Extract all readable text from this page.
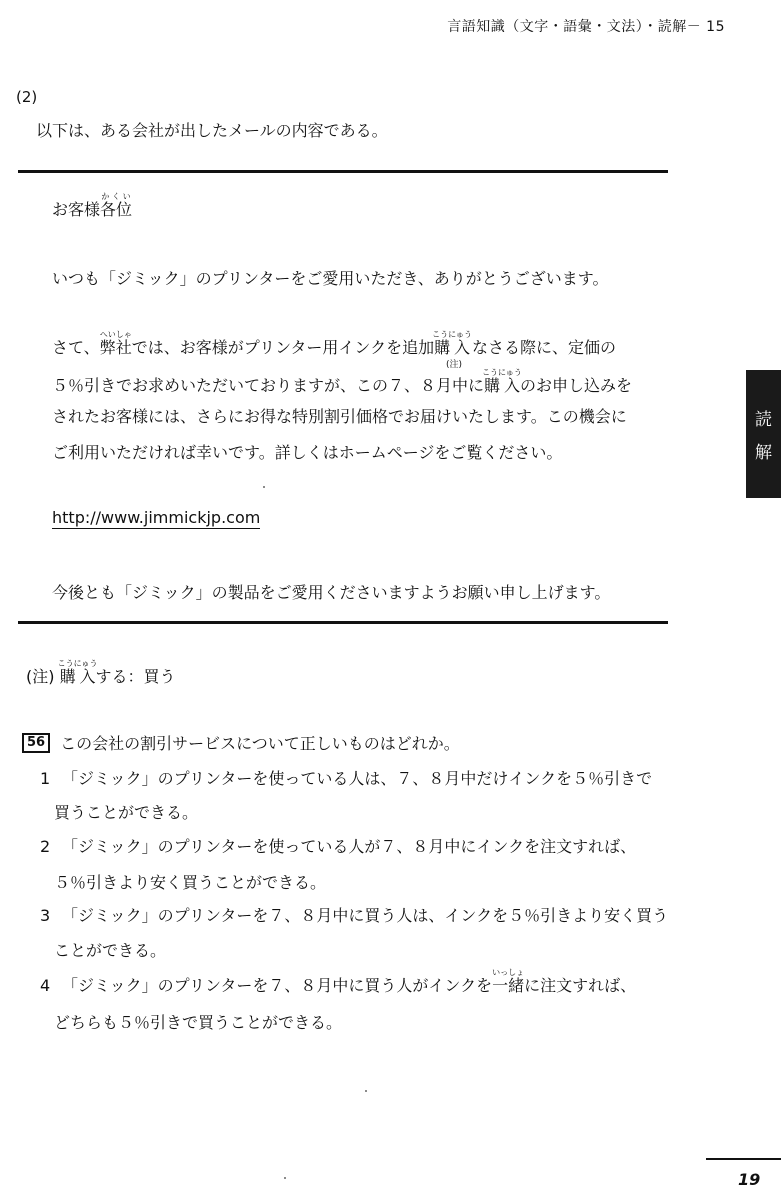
言語知識（文字・語彙・文法）・読解－ 15
(2)
以下は、ある会社が出したメールの内容である。
お客様各位かくい
いつも「ジミック」のプリンターをご愛用いただき、ありがとうございます。
さて、弊社へいしゃでは、お客様がプリンター用インクを追加購入こうにゅう
(注)
なさる際に、定価の
５％引きでお求めいただいておりますが、この７、８月中に購入こうにゅうのお申し込みを
されたお客様には、さらにお得な特別割引価格でお届けいたします。この機会に
ご利用いただければ幸いです。詳しくはホームページをご覧ください。
http://www.jimmickjp.com
今後とも「ジミック」の製品をご愛用くださいますようお願い申し上げます。
読
解
(注) 購入こうにゅうする：買う
56 この会社の割引サービスについて正しいものはどれか。
1 「ジミック」のプリンターを使っている人は、７、８月中だけインクを５％引きで
買うことができる。
2 「ジミック」のプリンターを使っている人が７、８月中にインクを注文すれば、
５％引きより安く買うことができる。
3 「ジミック」のプリンターを７、８月中に買う人は、インクを５％引きより安く買う
ことができる。
4 「ジミック」のプリンターを７、８月中に買う人がインクを一緒いっしょに注文すれば、
どちらも５％引きで買うことができる。
19
